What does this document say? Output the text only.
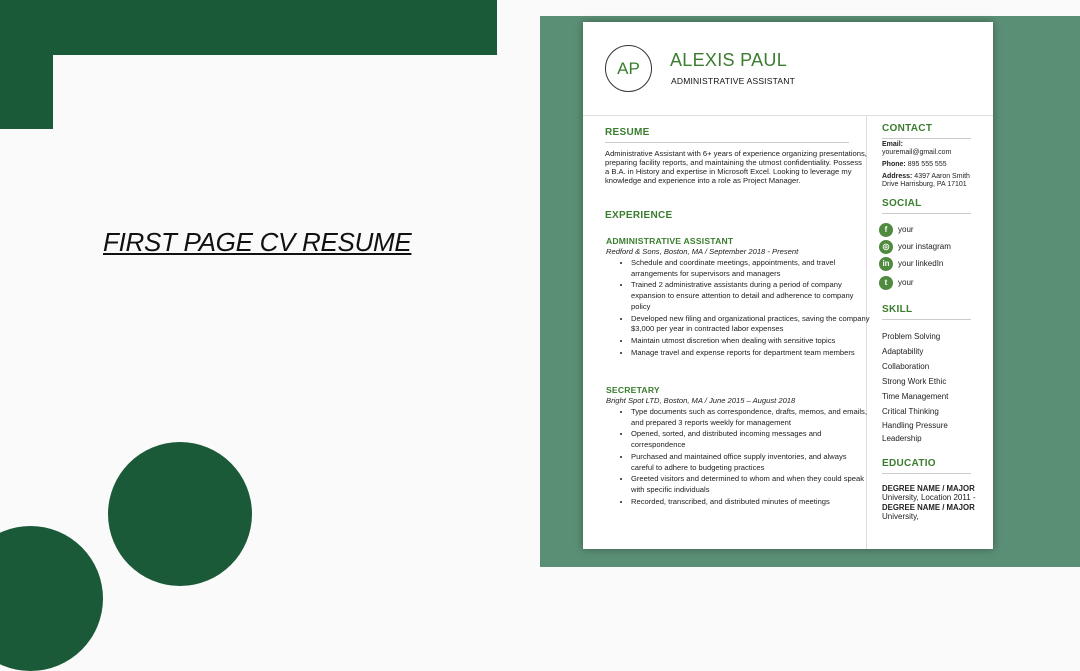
FIRST PAGE CV RESUME
AP	ALEXIS PAUL
ADMINISTRATIVE ASSISTANT
RESUME
Administrative Assistant with 6+ years of experience organizing presentations, preparing facility reports, and maintaining the utmost confidentiality. Possess a B.A. in History and expertise in Microsoft Excel. Looking to leverage my knowledge and experience into a role as Project Manager.
EXPERIENCE
ADMINISTRATIVE ASSISTANT
Redford & Sons, Boston, MA / September 2018 - Present
• Schedule and coordinate meetings, appointments, and travel arrangements for supervisors and managers
• Trained 2 administrative assistants during a period of company expansion to ensure attention to detail and adherence to company policy
• Developed new filing and organizational practices, saving the company $3,000 per year in contracted labor expenses
• Maintain utmost discretion when dealing with sensitive topics
• Manage travel and expense reports for department team members
SECRETARY
Bright Spot LTD, Boston, MA / June 2015 – August 2018
• Type documents such as correspondence, drafts, memos, and emails, and prepared 3 reports weekly for management
• Opened, sorted, and distributed incoming messages and correspondence
• Purchased and maintained office supply inventories, and always careful to adhere to budgeting practices
• Greeted visitors and determined to whom and when they could speak with specific individuals
• Recorded, transcribed, and distributed minutes of meetings
CONTACT
Email:
youremail@gmail.com
Phone: 895 555 555
Address: 4397 Aaron Smith Drive Harrisburg, PA 17101
SOCIAL
f	your
◎	your instagram
in	your linkedIn
t	your
SKILL
Problem Solving
Adaptability
Collaboration
Strong Work Ethic
Time Management
Critical Thinking
Handling Pressure
Leadership
EDUCATIO
DEGREE NAME / MAJOR
University, Location 2011 -
DEGREE NAME / MAJOR
University,
